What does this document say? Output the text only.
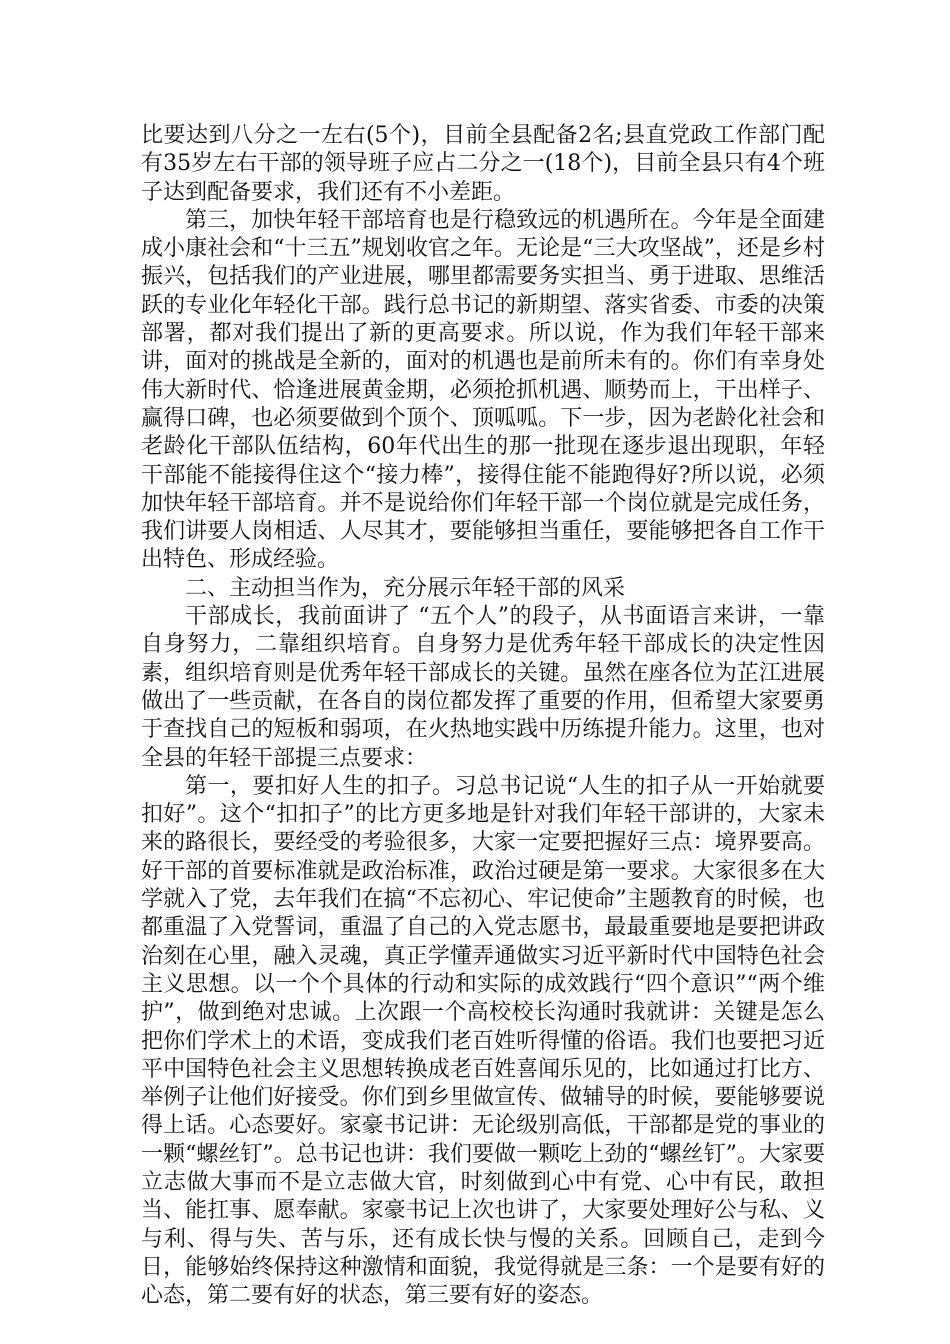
比要达到八分之一左右(5个)，目前全县配备2名;县直党政工作部门配有35岁左右干部的领导班子应占二分之一(18个)，目前全县只有4个班子达到配备要求，我们还有不小差距。

第三，加快年轻干部培育也是行稳致远的机遇所在。今年是全面建成小康社会和“十三五”规划收官之年。无论是“三大攻坚战”，还是乡村振兴，包括我们的产业进展，哪里都需要务实担当、勇于进取、思维活跃的专业化年轻化干部。践行总书记的新期望、落实省委、市委的决策部署，都对我们提出了新的更高要求。所以说，作为我们年轻干部来讲，面对的挑战是全新的，面对的机遇也是前所未有的。你们有幸身处伟大新时代、恰逢进展黄金期，必须抢抓机遇、顺势而上，干出样子、赢得口碑，也必须要做到个顶个、顶呱呱。下一步，因为老龄化社会和老龄化干部队伍结构，60年代出生的那一批现在逐步退出现职，年轻干部能不能接得住这个“接力棒”，接得住能不能跑得好?所以说，必须加快年轻干部培育。并不是说给你们年轻干部一个岗位就是完成任务，我们讲要人岗相适、人尽其才，要能够担当重任，要能够把各自工作干出特色、形成经验。

二、主动担当作为，充分展示年轻干部的风采

干部成长，我前面讲了 “五个人”的段子，从书面语言来讲，一靠自身努力，二靠组织培育。自身努力是优秀年轻干部成长的决定性因素，组织培育则是优秀年轻干部成长的关键。虽然在座各位为芷江进展做出了一些贡献，在各自的岗位都发挥了重要的作用，但希望大家要勇于查找自己的短板和弱项，在火热地实践中历练提升能力。这里，也对全县的年轻干部提三点要求：

第一，要扣好人生的扣子。习总书记说“人生的扣子从一开始就要扣好”。这个“扣扣子”的比方更多地是针对我们年轻干部讲的，大家未来的路很长，要经受的考验很多，大家一定要把握好三点：境界要高。好干部的首要标准就是政治标准，政治过硬是第一要求。大家很多在大学就入了党，去年我们在搞“不忘初心、牢记使命”主题教育的时候，也都重温了入党誓词，重温了自己的入党志愿书，最最重要地是要把讲政治刻在心里，融入灵魂，真正学懂弄通做实习近平新时代中国特色社会主义思想。以一个个具体的行动和实际的成效践行“四个意识”“两个维护”，做到绝对忠诚。上次跟一个高校校长沟通时我就讲：关键是怎么把你们学术上的术语，变成我们老百姓听得懂的俗语。我们也要把习近平中国特色社会主义思想转换成老百姓喜闻乐见的，比如通过打比方、举例子让他们好接受。你们到乡里做宣传、做辅导的时候，要能够要说得上话。心态要好。家豪书记讲：无论级别高低，干部都是党的事业的一颗“螺丝钉”。总书记也讲：我们要做一颗吃上劲的“螺丝钉”。大家要立志做大事而不是立志做大官，时刻做到心中有党、心中有民，敢担当、能扛事、愿奉献。家豪书记上次也讲了，大家要处理好公与私、义与利、得与失、苦与乐，还有成长快与慢的关系。回顾自己，走到今日，能够始终保持这种激情和面貌，我觉得就是三条：一个是要有好的心态，第二要有好的状态，第三要有好的姿态。
